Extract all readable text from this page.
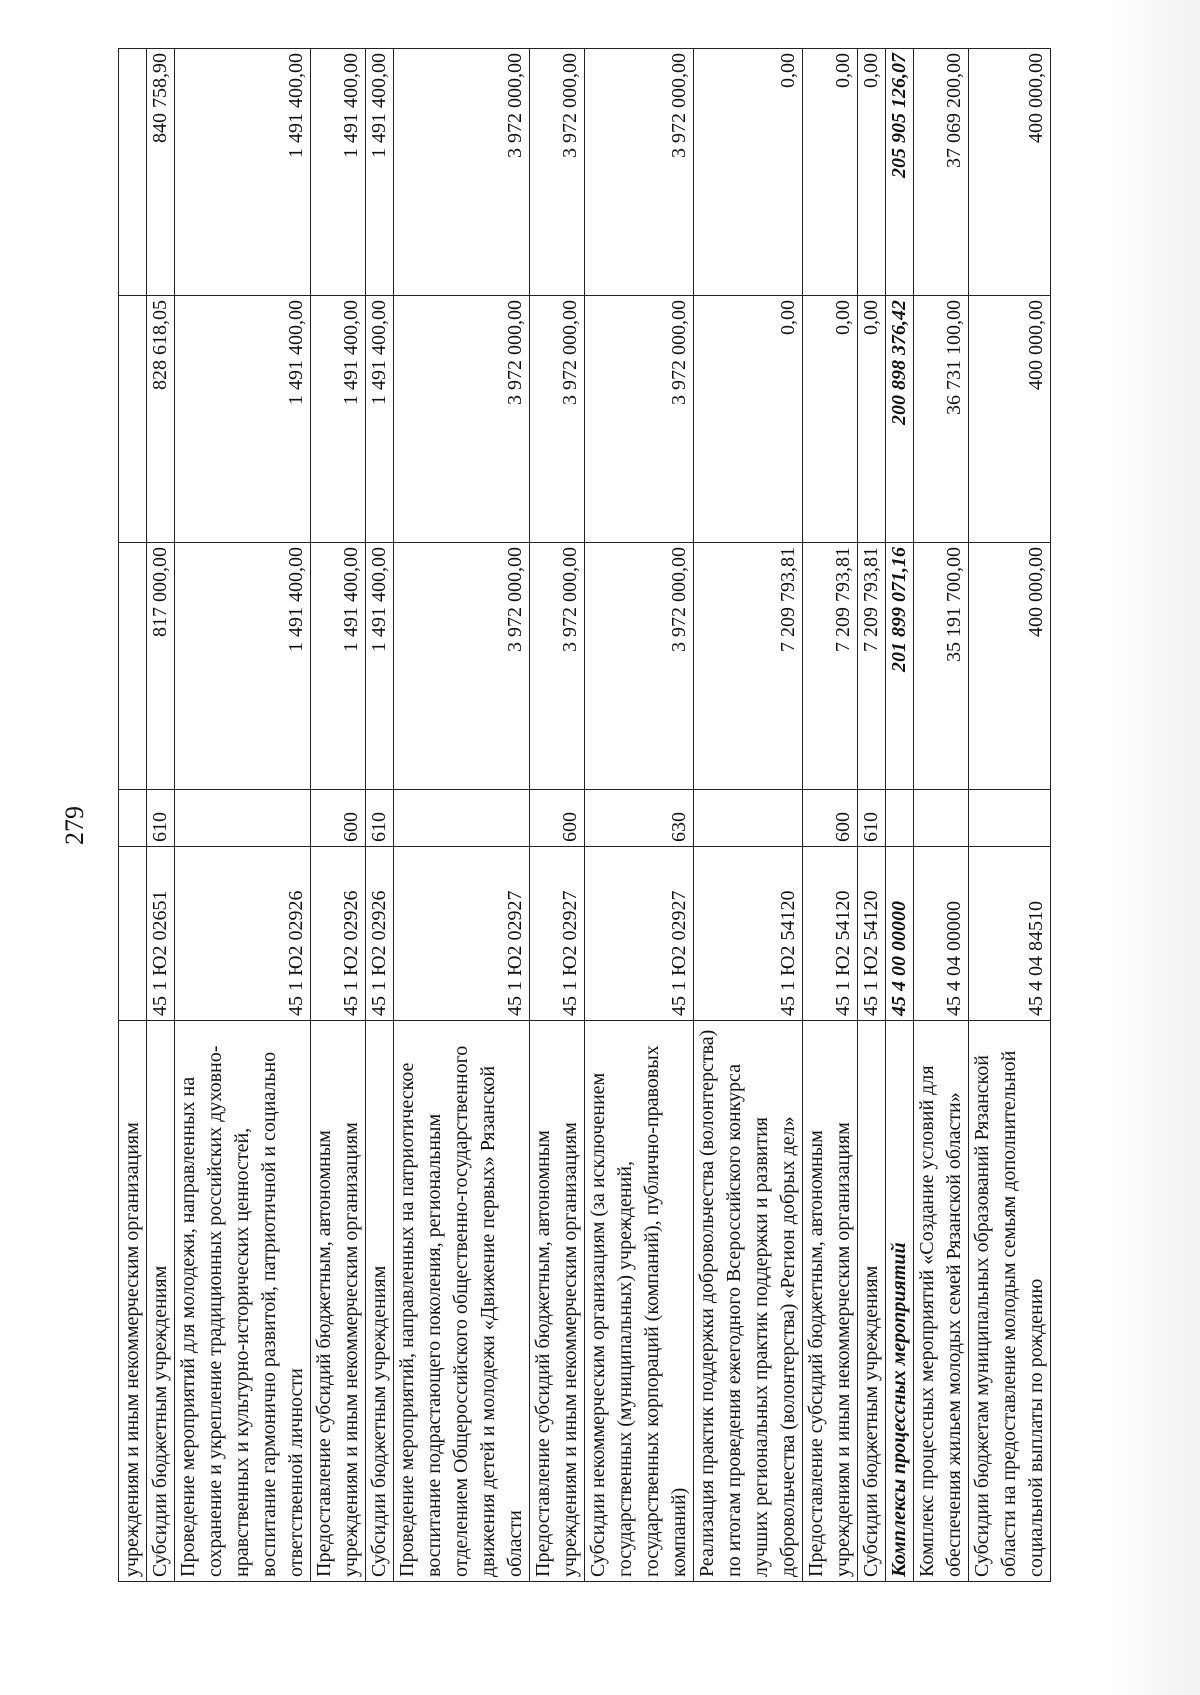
279
учреждениям и иным некоммерческим организациям					
Субсидии бюджетным учреждениям	45 1 Ю2 02651	610	817 000,00	828 618,05	840 758,90
Проведение мероприятий для молодежи, направленных на сохранение и укрепление традиционных российских духовно-нравственных и культурно-исторических ценностей, воспитание гармонично развитой, патриотичной и социально ответственной личности	45 1 Ю2 02926		1 491 400,00	1 491 400,00	1 491 400,00
Предоставление субсидий бюджетным, автономным учреждениям и иным некоммерческим организациям	45 1 Ю2 02926	600	1 491 400,00	1 491 400,00	1 491 400,00
Субсидии бюджетным учреждениям	45 1 Ю2 02926	610	1 491 400,00	1 491 400,00	1 491 400,00
Проведение мероприятий, направленных на патриотическое воспитание подрастающего поколения, региональным отделением Общероссийского общественно-государственного движения детей и молодежи «Движение первых» Рязанской области	45 1 Ю2 02927		3 972 000,00	3 972 000,00	3 972 000,00
Предоставление субсидий бюджетным, автономным учреждениям и иным некоммерческим организациям	45 1 Ю2 02927	600	3 972 000,00	3 972 000,00	3 972 000,00
Субсидии некоммерческим организациям (за исключением государственных (муниципальных) учреждений, государственных корпораций (компаний), публично-правовых компаний)	45 1 Ю2 02927	630	3 972 000,00	3 972 000,00	3 972 000,00
Реализация практик поддержки добровольчества (волонтерства) по итогам проведения ежегодного Всероссийского конкурса лучших региональных практик поддержки и развития добровольчества (волонтерства) «Регион добрых дел»	45 1 Ю2 54120		7 209 793,81	0,00	0,00
Предоставление субсидий бюджетным, автономным учреждениям и иным некоммерческим организациям	45 1 Ю2 54120	600	7 209 793,81	0,00	0,00
Субсидии бюджетным учреждениям	45 1 Ю2 54120	610	7 209 793,81	0,00	0,00
Комплексы процессных мероприятий	45 4 00 00000		201 899 071,16	200 898 376,42	205 905 126,07
Комплекс процессных мероприятий «Создание условий для обеспечения жильем молодых семей Рязанской области»	45 4 04 00000		35 191 700,00	36 731 100,00	37 069 200,00
Субсидии бюджетам муниципальных образований Рязанской области на предоставление молодым семьям дополнительной социальной выплаты по рождению	45 4 04 84510		400 000,00	400 000,00	400 000,00
